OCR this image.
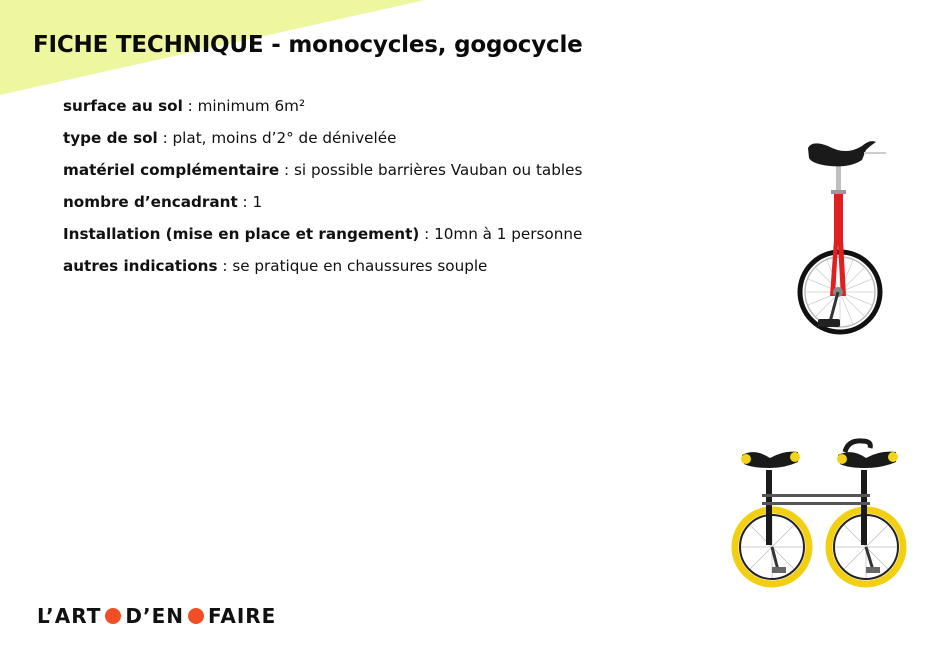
FICHE TECHNIQUE - monocycles, gogocycle
surface au sol : minimum 6m²
type de sol : plat, moins d’2° de dénivelée
matériel complémentaire : si possible barrières Vauban ou tables
nombre d’encadrant : 1
Installation (mise en place et rangement) : 10mn à 1 personne
autres indications : se pratique en chaussures souple
L’ART D’EN FAIRE
